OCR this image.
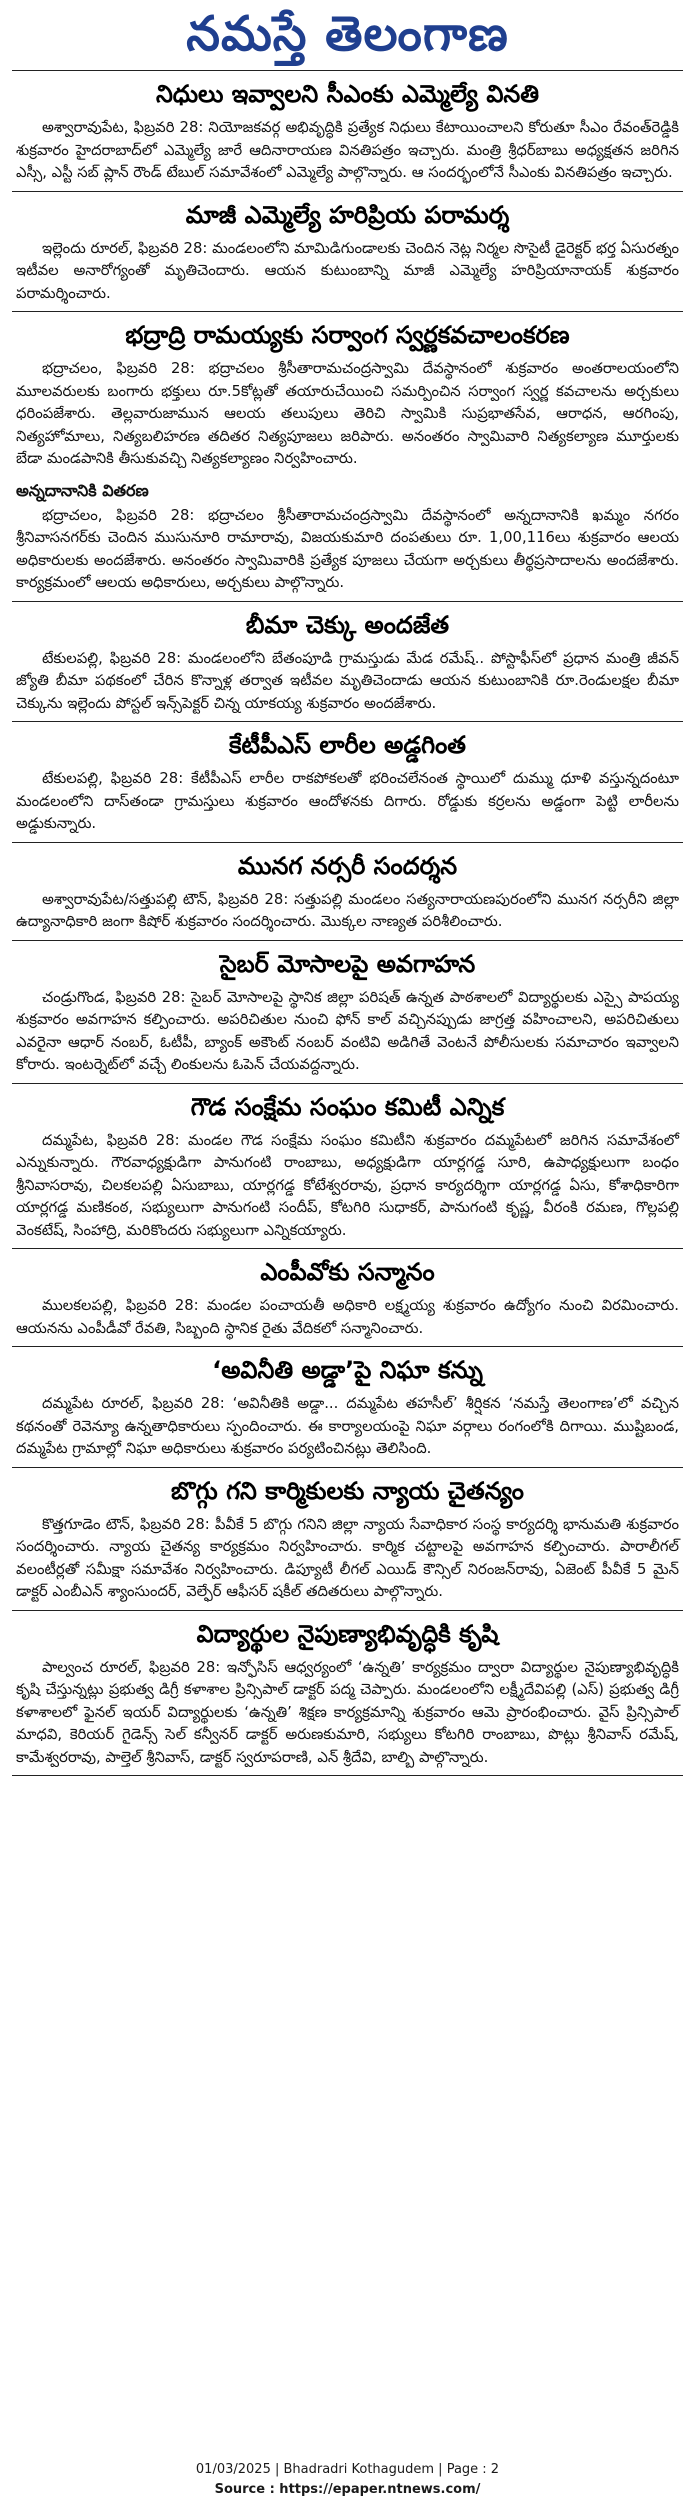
నమస్తే తెలంగాణ
నిధులు ఇవ్వాలని సీఎంకు ఎమ్మెల్యే వినతి

అశ్వారావుపేట, ఫిబ్రవరి 28: నియోజకవర్గ అభివృద్ధికి ప్రత్యేక నిధులు కేటాయించాలని కోరుతూ సీఎం రేవంత్‌రెడ్డికి శుక్రవారం హైదరాబాద్‌లో ఎమ్మెల్యే జారే ఆదినారాయణ వినతిపత్రం ఇచ్చారు. మంత్రి శ్రీధర్‌బాబు అధ్యక్షతన జరిగిన ఎస్సీ, ఎస్టీ సబ్ ప్లాన్ రౌండ్ టేబుల్ సమావేశంలో ఎమ్మెల్యే పాల్గొన్నారు. ఆ సందర్భంలోనే సీఎంకు వినతిపత్రం ఇచ్చారు.

మాజీ ఎమ్మెల్యే హరిప్రియ పరామర్శ

ఇల్లెందు రూరల్, ఫిబ్రవరి 28: మండలంలోని మామిడిగుండాలకు చెందిన నెట్ల నిర్మల సొసైటీ డైరెక్టర్ భర్త ఏసురత్నం ఇటీవల అనారోగ్యంతో మృతిచెందారు. ఆయన కుటుంబాన్ని మాజీ ఎమ్మెల్యే హరిప్రియానాయక్ శుక్రవారం పరామర్శించారు.

భద్రాద్రి రామయ్యకు సర్వాంగ స్వర్ణకవచాలంకరణ

భద్రాచలం, ఫిబ్రవరి 28: భద్రాచలం శ్రీసీతారామచంద్రస్వామి దేవస్థానంలో శుక్రవారం అంతరాలయంలోని మూలవరులకు బంగారు భక్తులు రూ.5కోట్లతో తయారుచేయించి సమర్పించిన సర్వాంగ స్వర్ణ కవచాలను అర్చకులు ధరింపజేశారు. తెల్లవారుజామున ఆలయ తలుపులు తెరిచి స్వామికి సుప్రభాతసేవ, ఆరాధన, ఆరగింపు, నిత్యహోమాలు, నిత్యబలిహరణ తదితర నిత్యపూజలు జరిపారు. అనంతరం స్వామివారి నిత్యకల్యాణ మూర్తులకు బేడా మండపానికి తీసుకువచ్చి నిత్యకల్యాణం నిర్వహించారు.

అన్నదానానికి వితరణ

భద్రాచలం, ఫిబ్రవరి 28: భద్రాచలం శ్రీసీతారామచంద్రస్వామి దేవస్థానంలో అన్నదానానికి ఖమ్మం నగరం శ్రీనివాసనగర్‌కు చెందిన ముసునూరి రామారావు, విజయకుమారి దంపతులు రూ. 1,00,116లు శుక్రవారం ఆలయ అధికారులకు అందజేశారు. అనంతరం స్వామివారికి ప్రత్యేక పూజలు చేయగా అర్చకులు తీర్థప్రసాదాలను అందజేశారు. కార్యక్రమంలో ఆలయ అధికారులు, అర్చకులు పాల్గొన్నారు.

బీమా చెక్కు అందజేత

టేకులపల్లి, ఫిబ్రవరి 28: మండలంలోని బేతంపూడి గ్రామస్తుడు మేడ రమేష్.. పోస్టాఫీస్‌లో ప్రధాన మంత్రి జీవన్ జ్యోతి బీమా పథకంలో చేరిన కొన్నాళ్ల తర్వాత ఇటీవల మృతిచెందాడు ఆయన కుటుంబానికి రూ.రెండులక్షల బీమా చెక్కును ఇల్లెందు పోస్టల్ ఇన్స్‌పెక్టర్ చిన్న యాకయ్య శుక్రవారం అందజేశారు.

కేటీపీఎస్ లారీల అడ్డగింత

టేకులపల్లి, ఫిబ్రవరి 28: కేటీపీఎస్ లారీల రాకపోకలతో భరించలేనంత స్థాయిలో దుమ్ము ధూళి వస్తున్నదంటూ మండలంలోని దాస్‌తండా గ్రామస్తులు శుక్రవారం ఆందోళనకు దిగారు. రోడ్డుకు కర్రలను అడ్డంగా పెట్టి లారీలను అడ్డుకున్నారు.

మునగ నర్సరీ సందర్శన

అశ్వారావుపేట/సత్తుపల్లి టౌన్, ఫిబ్రవరి 28: సత్తుపల్లి మండలం సత్యనారాయణపురంలోని మునగ నర్సరీని జిల్లా ఉద్యానాధికారి జంగా కిషోర్ శుక్రవారం సందర్శించారు. మొక్కల నాణ్యత పరిశీలించారు.

సైబర్ మోసాలపై అవగాహన

చండ్రుగొండ, ఫిబ్రవరి 28: సైబర్ మోసాలపై స్థానిక జిల్లా పరిషత్ ఉన్నత పాఠశాలలో విద్యార్థులకు ఎస్సై పాపయ్య శుక్రవారం అవగాహన కల్పించారు. అపరిచితుల నుంచి ఫోన్ కాల్ వచ్చినప్పుడు జాగ్రత్త వహించాలని, అపరిచితులు ఎవరైనా ఆధార్ నంబర్, ఓటీపీ, బ్యాంక్ అకౌంట్ నంబర్ వంటివి అడిగితే వెంటనే పోలీసులకు సమాచారం ఇవ్వాలని కోరారు. ఇంటర్నెట్‌లో వచ్చే లింకులను ఓపెన్ చేయవద్దన్నారు.

గౌడ సంక్షేమ సంఘం కమిటీ ఎన్నిక

దమ్మపేట, ఫిబ్రవరి 28: మండల గౌడ సంక్షేమ సంఘం కమిటీని శుక్రవారం దమ్మపేటలో జరిగిన సమావేశంలో ఎన్నుకున్నారు. గౌరవాధ్యక్షుడిగా పానుగంటి రాంబాబు, అధ్యక్షుడిగా యార్లగడ్డ సూరి, ఉపాధ్యక్షులుగా బంధం శ్రీనివాసరావు, చిలకలపల్లి ఏసుబాబు, యార్లగడ్డ కోటేశ్వరరావు, ప్రధాన కార్యదర్శిగా యార్లగడ్డ ఏసు, కోశాధికారిగా యార్లగడ్డ మణికంఠ, సభ్యులుగా పానుగంటి సందీప్, కోటగిరి సుధాకర్, పానుగంటి కృష్ణ, వీరంకి రమణ, గొల్లపల్లి వెంకటేష్, సింహాద్రి, మరికొందరు సభ్యులుగా ఎన్నికయ్యారు.

ఎంపీవోకు సన్మానం

ములకలపల్లి, ఫిబ్రవరి 28: మండల పంచాయతీ అధికారి లక్ష్మయ్య శుక్రవారం ఉద్యోగం నుంచి విరమించారు. ఆయనను ఎంపీడీవో రేవతి, సిబ్బంది స్థానిక రైతు వేదికలో సన్మానించారు.

‘అవినీతి అడ్డా’పై నిఘా కన్ను

దమ్మపేట రూరల్, ఫిబ్రవరి 28: ‘అవినీతికి అడ్డా... దమ్మపేట తహసీల్’ శీర్షికన ‘నమస్తే తెలంగాణ’లో వచ్చిన కథనంతో రెవెన్యూ ఉన్నతాధికారులు స్పందించారు. ఈ కార్యాలయంపై నిఘా వర్గాలు రంగంలోకి దిగాయి. ముష్టిబండ, దమ్మపేట గ్రామాల్లో నిఘా అధికారులు శుక్రవారం పర్యటించినట్లు తెలిసింది.

బొగ్గు గని కార్మికులకు న్యాయ చైతన్యం

కొత్తగూడెం టౌన్, ఫిబ్రవరి 28: పీవీకే 5 బొగ్గు గనిని జిల్లా న్యాయ సేవాధికార సంస్థ కార్యదర్శి భానుమతి శుక్రవారం సందర్శించారు. న్యాయ చైతన్య కార్యక్రమం నిర్వహించారు. కార్మిక చట్టాలపై అవగాహన కల్పించారు. పారాలీగల్ వలంటీర్లతో సమీక్షా సమావేశం నిర్వహించారు. డిప్యూటీ లీగల్ ఎయిడ్ కౌన్సిల్ నిరంజన్‌రావు, ఏజెంట్ పీవీకే 5 మైన్ డాక్టర్ ఎంబీఎన్ శ్యాంసుందర్, వెల్ఫేర్ ఆఫీసర్ షకీల్ తదితరులు పాల్గొన్నారు.

విద్యార్థుల నైపుణ్యాభివృద్ధికి కృషి

పాల్వంచ రూరల్, ఫిబ్రవరి 28: ఇన్ఫోసిస్ ఆధ్వర్యంలో ‘ఉన్నతి’ కార్యక్రమం ద్వారా విద్యార్థుల నైపుణ్యాభివృద్ధికి కృషి చేస్తున్నట్లు ప్రభుత్వ డిగ్రీ కళాశాల ప్రిన్సిపాల్ డాక్టర్ పద్మ చెప్పారు. మండలంలోని లక్ష్మీదేవిపల్లి (ఎస్) ప్రభుత్వ డిగ్రీ కళాశాలలో ఫైనల్ ఇయర్ విద్యార్థులకు ‘ఉన్నతి’ శిక్షణ కార్యక్రమాన్ని శుక్రవారం ఆమె ప్రారంభించారు. వైస్ ప్రిన్సిపాల్ మాధవి, కెరియర్ గైడెన్స్ సెల్ కన్వీనర్ డాక్టర్ అరుణకుమారి, సభ్యులు కోటగిరి రాంబాబు, పొట్లు శ్రీనివాస్ రమేష్, కామేశ్వరరావు, పాల్తెల్ శ్రీనివాస్, డాక్టర్ స్వరూపరాణి, ఎన్ శ్రీదేవి, బాల్బి పాల్గొన్నారు.

01/03/2025 | Bhadradri Kothagudem | Page : 2
Source : https://epaper.ntnews.com/
